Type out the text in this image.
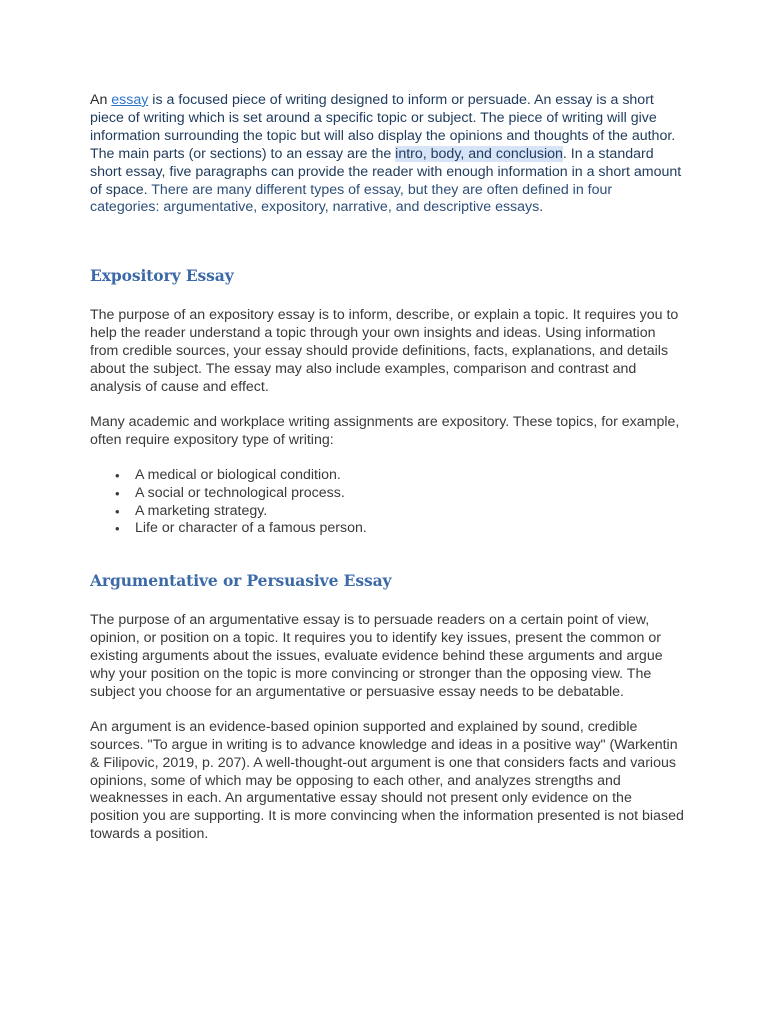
An essay is a focused piece of writing designed to inform or persuade. An essay is a short piece of writing which is set around a specific topic or subject. The piece of writing will give information surrounding the topic but will also display the opinions and thoughts of the author. The main parts (or sections) to an essay are the intro, body, and conclusion. In a standard short essay, five paragraphs can provide the reader with enough information in a short amount of space. There are many different types of essay, but they are often defined in four categories: argumentative, expository, narrative, and descriptive essays.

Expository Essay

The purpose of an expository essay is to inform, describe, or explain a topic. It requires you to help the reader understand a topic through your own insights and ideas. Using information from credible sources, your essay should provide definitions, facts, explanations, and details about the subject. The essay may also include examples, comparison and contrast and analysis of cause and effect.

Many academic and workplace writing assignments are expository. These topics, for example, often require expository type of writing:

• A medical or biological condition.
• A social or technological process.
• A marketing strategy.
• Life or character of a famous person.
Argumentative or Persuasive Essay

The purpose of an argumentative essay is to persuade readers on a certain point of view, opinion, or position on a topic. It requires you to identify key issues, present the common or existing arguments about the issues, evaluate evidence behind these arguments and argue why your position on the topic is more convincing or stronger than the opposing view. The subject you choose for an argumentative or persuasive essay needs to be debatable.

An argument is an evidence-based opinion supported and explained by sound, credible sources. "To argue in writing is to advance knowledge and ideas in a positive way" (Warkentin & Filipovic, 2019, p. 207). A well-thought-out argument is one that considers facts and various opinions, some of which may be opposing to each other, and analyzes strengths and weaknesses in each. An argumentative essay should not present only evidence on the position you are supporting. It is more convincing when the information presented is not biased towards a position.
